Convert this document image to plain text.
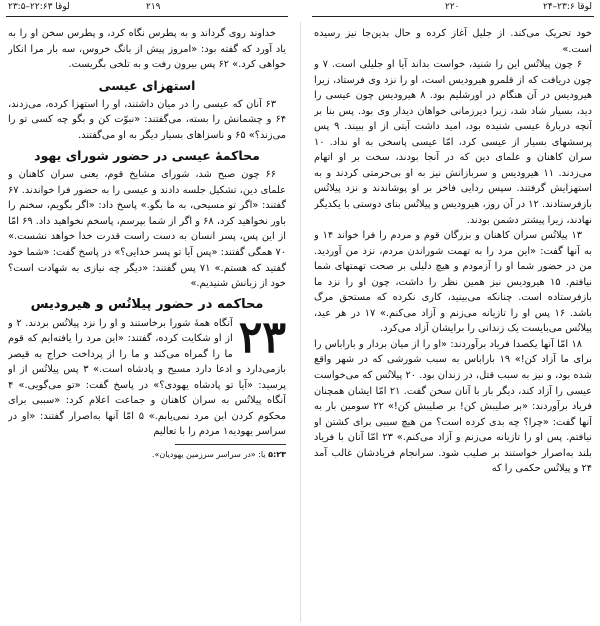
لوقا ۲۲:۶۳–۲۳:۵	۲۱۹	۲۲۰	لوقا ۲۳:۶–۲۴

خداوند روی گرداند و به پطرس نگاه کرد، و پطرس سخن او را به یاد آورد که گفته بود: «امروز پیش از بانگ خروس، سه بار مرا انکار خواهی کرد.» ۶۲ پس بیرون رفت و به تلخی بگریست.

استهزای عیسی

۶۳ آنان که عیسی را در میان داشتند، او را استهزا کرده، می‌زدند، ۶۴ و چشمانش را بسته، می‌گفتند: «نبوّت کن و بگو چه کسی تو را می‌زند؟» ۶۵ و ناسزاهای بسیار دیگر به او می‌گفتند.

محاکمهٔ عیسی در حضور شورای یهود

۶۶ چون صبح شد، شورای مشایخ قوم، یعنی سران کاهنان و علمای دین، تشکیل جلسه دادند و عیسی را به حضور فرا خواندند. ۶۷ گفتند: «اگر تو مسیحی، به ما بگو.» پاسخ داد: «اگر بگویم، سخنم را باور نخواهید کرد، ۶۸ و اگر از شما بپرسم، پاسخم نخواهید داد. ۶۹ امّا از این پس، پسر انسان به دست راست قدرت خدا خواهد نشست.» ۷۰ همگی گفتند: «پس آیا تو پسر خدایی؟» در پاسخ گفت: «شما خود گفتید که هستم.» ۷۱ پس گفتند: «دیگر چه نیازی به شهادت است؟ خود از زبانش شنیدیم.»

محاکمه در حضور پیلاتُس و هیرودیس
۲۳

آنگاه همهٔ شورا برخاستند و او را نزد پیلاتُس بردند. ۲ و از او شکایت کرده، گفتند: «این مرد را یافته‌ایم که قوم ما را گمراه می‌کند و ما را از پرداخت خراج به قیصر بازمی‌دارد و ادعا دارد مسیح و پادشاه است.» ۳ پس پیلاتُس از او پرسید: «آیا تو پادشاه یهودی؟» در پاسخ گفت: «تو می‌گویی.» ۴ آنگاه پیلاتُس به سران کاهنان و جماعت اعلام کرد: «سببی برای محکوم کردن این مرد نمی‌یابم.» ۵ امّا آنها به‌اصرار گفتند: «او در سراسر یهودیه۱ مردم را با تعالیم

۵:۲۳ یا: «در سراسر سرزمین یهودیان».

خود تحریک می‌کند. از جلیل آغاز کرده و حال بدین‌جا نیز رسیده است.»

۶ چون پیلاتُس این را شنید، خواست بداند آیا او جلیلی است. ۷ و چون دریافت که از قلمرو هیرودیس است، او را نزد وی فرستاد، زیرا هیرودیس در آن هنگام در اورشلیم بود. ۸ هیرودیس چون عیسی را دید، بسیار شاد شد، زیرا دیرزمانی خواهان دیدار وی بود. پس بنا بر آنچه دربارهٔ عیسی شنیده بود، امید داشت آیتی از او ببیند. ۹ پس پرسشهای بسیار از عیسی کرد، امّا عیسی پاسخی به او نداد. ۱۰ سران کاهنان و علمای دین که در آنجا بودند، سخت بر او اتهام می‌زدند. ۱۱ هیرودیس و سربازانش نیز به او بی‌حرمتی کردند و به استهزایش گرفتند. سپس ردایی فاخر بر او پوشاندند و نزد پیلاتُس بازفرستادند. ۱۲ در آن روز، هیرودیس و پیلاتُس بنای دوستی با یکدیگر نهادند، زیرا پیشتر دشمن بودند.

۱۳ پیلاتُس سران کاهنان و بزرگان قوم و مردم را فرا خواند ۱۴ و به آنها گفت: «این مرد را به تهمت شوراندن مردم، نزد من آوردید. من در حضور شما او را آزمودم و هیچ دلیلی بر صحت تهمتهای شما نیافتم. ۱۵ هیرودیس نیز همین نظر را داشت، چون او را نزد ما بازفرستاده است. چنانکه می‌بینید، کاری نکرده که مستحق مرگ باشد. ۱۶ پس او را تازیانه می‌زنم و آزاد می‌کنم.» ۱۷ در هر عید، پیلاتُس می‌بایست یک زندانی را برایشان آزاد می‌کرد.

۱۸ امّا آنها یکصدا فریاد برآوردند: «او را از میان بردار و باراباس را برای ما آزاد کن!» ۱۹ باراباس به سبب شورشی که در شهر واقع شده بود، و نیز به سبب قتل، در زندان بود. ۲۰ پیلاتُس که می‌خواست عیسی را آزاد کند، دیگر بار با آنان سخن گفت. ۲۱ امّا ایشان همچنان فریاد برآوردند: «بر صلیبش کن! بر صلیبش کن!» ۲۲ سومین بار به آنها گفت: «چرا؟ چه بدی کرده است؟ من هیچ سببی برای کشتن او نیافتم. پس او را تازیانه می‌زنم و آزاد می‌کنم.» ۲۳ امّا آنان با فریاد بلند به‌اصرار خواستند بر صلیب شود. سرانجام فریادشان غالب آمد ۲۴ و پیلاتُس حکمی را که
